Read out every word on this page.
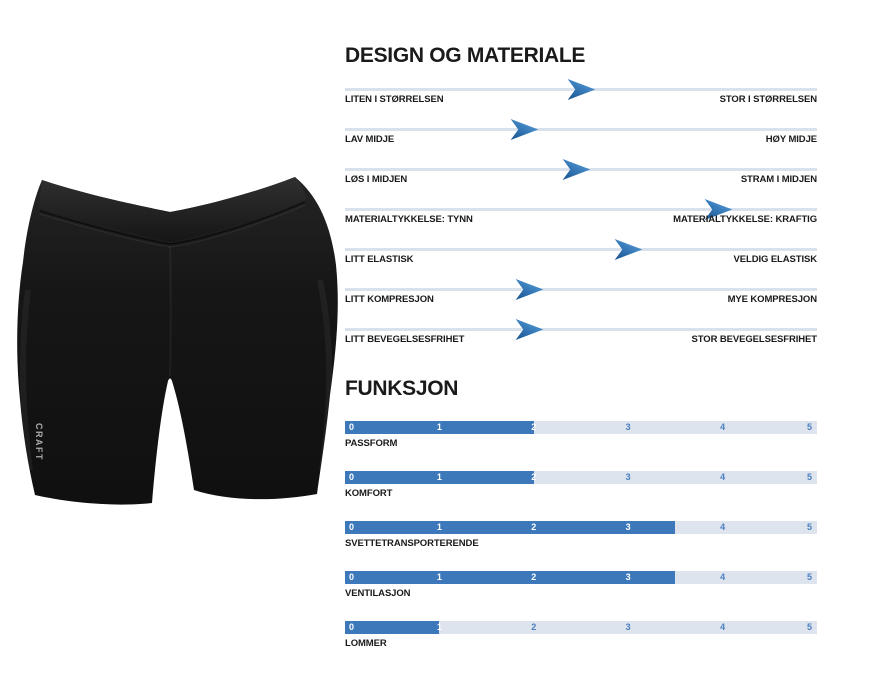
CRAFT
DESIGN OG MATERIALE
LITEN I STØRRELSEN	STOR I STØRRELSEN
LAV MIDJE	HØY MIDJE
LØS I MIDJEN	STRAM I MIDJEN
MATERIALTYKKELSE: TYNN	MATERIALTYKKELSE: KRAFTIG
LITT ELASTISK	VELDIG ELASTISK
LITT KOMPRESJON	MYE KOMPRESJON
LITT BEVEGELSESFRIHET	STOR BEVEGELSESFRIHET
FUNKSJON
0	1	2	3	4	5
PASSFORM
0	1	2	3	4	5
KOMFORT
0	1	2	3	4	5
SVETTETRANSPORTERENDE
0	1	2	3	4	5
VENTILASJON
0	1	2	3	4	5
LOMMER
